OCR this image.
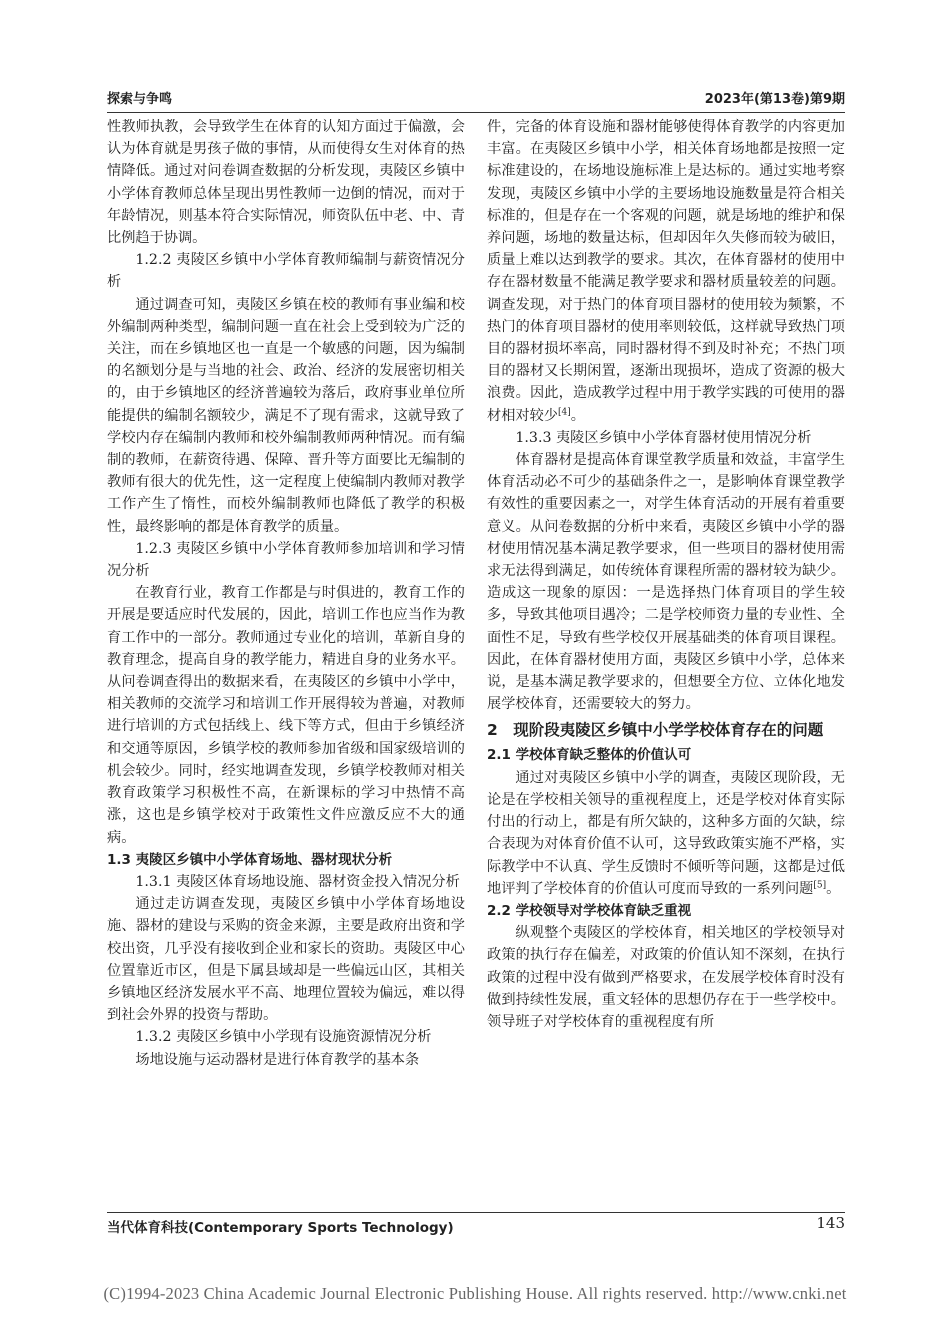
探索与争鸣	2023年(第13卷)第9期

性教师执教，会导致学生在体育的认知方面过于偏激，会认为体育就是男孩子做的事情，从而使得女生对体育的热情降低。通过对问卷调查数据的分析发现，夷陵区乡镇中小学体育教师总体呈现出男性教师一边倒的情况，而对于年龄情况，则基本符合实际情况，师资队伍中老、中、青比例趋于协调。

1.2.2 夷陵区乡镇中小学体育教师编制与薪资情况分析

通过调查可知，夷陵区乡镇在校的教师有事业编和校外编制两种类型，编制问题一直在社会上受到较为广泛的关注，而在乡镇地区也一直是一个敏感的问题，因为编制的名额划分是与当地的社会、政治、经济的发展密切相关的，由于乡镇地区的经济普遍较为落后，政府事业单位所能提供的编制名额较少，满足不了现有需求，这就导致了学校内存在编制内教师和校外编制教师两种情况。而有编制的教师，在薪资待遇、保障、晋升等方面要比无编制的教师有很大的优先性，这一定程度上使编制内教师对教学工作产生了惰性，而校外编制教师也降低了教学的积极性，最终影响的都是体育教学的质量。

1.2.3 夷陵区乡镇中小学体育教师参加培训和学习情况分析

在教育行业，教育工作都是与时俱进的，教育工作的开展是要适应时代发展的，因此，培训工作也应当作为教育工作中的一部分。教师通过专业化的培训，革新自身的教育理念，提高自身的教学能力，精进自身的业务水平。从问卷调查得出的数据来看，在夷陵区的乡镇中小学中，相关教师的交流学习和培训工作开展得较为普遍，对教师进行培训的方式包括线上、线下等方式，但由于乡镇经济和交通等原因，乡镇学校的教师参加省级和国家级培训的机会较少。同时，经实地调查发现，乡镇学校教师对相关教育政策学习积极性不高，在新课标的学习中热情不高涨，这也是乡镇学校对于政策性文件应激反应不大的通病。

1.3 夷陵区乡镇中小学体育场地、器材现状分析

1.3.1 夷陵区体育场地设施、器材资金投入情况分析

通过走访调查发现，夷陵区乡镇中小学体育场地设施、器材的建设与采购的资金来源，主要是政府出资和学校出资，几乎没有接收到企业和家长的资助。夷陵区中心位置靠近市区，但是下属县域却是一些偏远山区，其相关乡镇地区经济发展水平不高、地理位置较为偏远，难以得到社会外界的投资与帮助。

1.3.2 夷陵区乡镇中小学现有设施资源情况分析

场地设施与运动器材是进行体育教学的基本条

件，完备的体育设施和器材能够使得体育教学的内容更加丰富。在夷陵区乡镇中小学，相关体育场地都是按照一定标准建设的，在场地设施标准上是达标的。通过实地考察发现，夷陵区乡镇中小学的主要场地设施数量是符合相关标准的，但是存在一个客观的问题，就是场地的维护和保养问题，场地的数量达标，但却因年久失修而较为破旧，质量上难以达到教学的要求。其次，在体育器材的使用中存在器材数量不能满足教学要求和器材质量较差的问题。调查发现，对于热门的体育项目器材的使用较为频繁，不热门的体育项目器材的使用率则较低，这样就导致热门项目的器材损坏率高，同时器材得不到及时补充；不热门项目的器材又长期闲置，逐渐出现损坏，造成了资源的极大浪费。因此，造成教学过程中用于教学实践的可使用的器材相对较少[4]。

1.3.3 夷陵区乡镇中小学体育器材使用情况分析

体育器材是提高体育课堂教学质量和效益，丰富学生体育活动必不可少的基础条件之一，是影响体育课堂教学有效性的重要因素之一，对学生体育活动的开展有着重要意义。从问卷数据的分析中来看，夷陵区乡镇中小学的器材使用情况基本满足教学要求，但一些项目的器材使用需求无法得到满足，如传统体育课程所需的器材较为缺少。造成这一现象的原因：一是选择热门体育项目的学生较多，导致其他项目遇冷；二是学校师资力量的专业性、全面性不足，导致有些学校仅开展基础类的体育项目课程。因此，在体育器材使用方面，夷陵区乡镇中小学，总体来说，是基本满足教学要求的，但想要全方位、立体化地发展学校体育，还需要较大的努力。

2　现阶段夷陵区乡镇中小学学校体育存在的问题

2.1 学校体育缺乏整体的价值认可

通过对夷陵区乡镇中小学的调查，夷陵区现阶段，无论是在学校相关领导的重视程度上，还是学校对体育实际付出的行动上，都是有所欠缺的，这种多方面的欠缺，综合表现为对体育价值不认可，这导致政策实施不严格，实际教学中不认真、学生反馈时不倾听等问题，这都是过低地评判了学校体育的价值认可度而导致的一系列问题[5]。

2.2 学校领导对学校体育缺乏重视

纵观整个夷陵区的学校体育，相关地区的学校领导对政策的执行存在偏差，对政策的价值认知不深刻，在执行政策的过程中没有做到严格要求，在发展学校体育时没有做到持续性发展，重文轻体的思想仍存在于一些学校中。领导班子对学校体育的重视程度有所

当代体育科技(Contemporary Sports Technology)	143
(C)1994-2023 China Academic Journal Electronic Publishing House. All rights reserved. http://www.cnki.net
